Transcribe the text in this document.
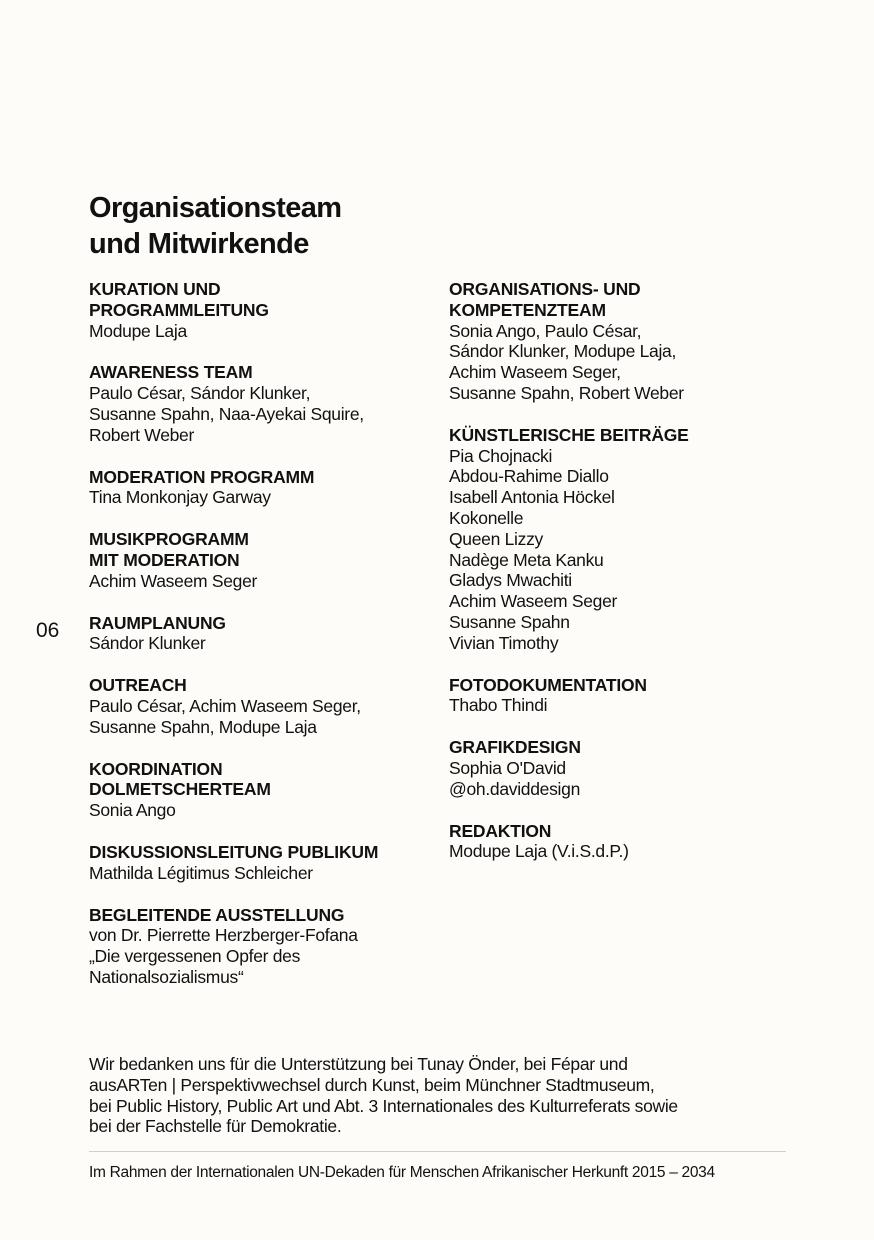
Organisationsteam
und Mitwirkende
KURATION UND
PROGRAMMLEITUNG
Modupe Laja
AWARENESS TEAM
Paulo César, Sándor Klunker,
Susanne Spahn, Naa-Ayekai Squire,
Robert Weber
MODERATION PROGRAMM
Tina Monkonjay Garway
MUSIKPROGRAMM
MIT MODERATION
Achim Waseem Seger
RAUMPLANUNG
Sándor Klunker
OUTREACH
Paulo César, Achim Waseem Seger,
Susanne Spahn, Modupe Laja
KOORDINATION
DOLMETSCHERTEAM
Sonia Ango
DISKUSSIONSLEITUNG PUBLIKUM
Mathilda Légitimus Schleicher
BEGLEITENDE AUSSTELLUNG
von Dr. Pierrette Herzberger-Fofana
„Die vergessenen Opfer des
Nationalsozialismus“
ORGANISATIONS- UND
KOMPETENZTEAM
Sonia Ango, Paulo César,
Sándor Klunker, Modupe Laja,
Achim Waseem Seger,
Susanne Spahn, Robert Weber
KÜNSTLERISCHE BEITRÄGE
Pia Chojnacki
Abdou-Rahime Diallo
Isabell Antonia Höckel
Kokonelle
Queen Lizzy
Nadège Meta Kanku
Gladys Mwachiti
Achim Waseem Seger
Susanne Spahn
Vivian Timothy
FOTODOKUMENTATION
Thabo Thindi
GRAFIKDESIGN
Sophia O'David
@oh.daviddesign
REDAKTION
Modupe Laja (V.i.S.d.P.)
06
Wir bedanken uns für die Unterstützung bei Tunay Önder, bei Fépar und
ausARTen | Perspektivwechsel durch Kunst, beim Münchner Stadtmuseum,
bei Public History, Public Art und Abt. 3 Internationales des Kulturreferats sowie
bei der Fachstelle für Demokratie.
Im Rahmen der Internationalen UN-Dekaden für Menschen Afrikanischer Herkunft 2015 – 2034
